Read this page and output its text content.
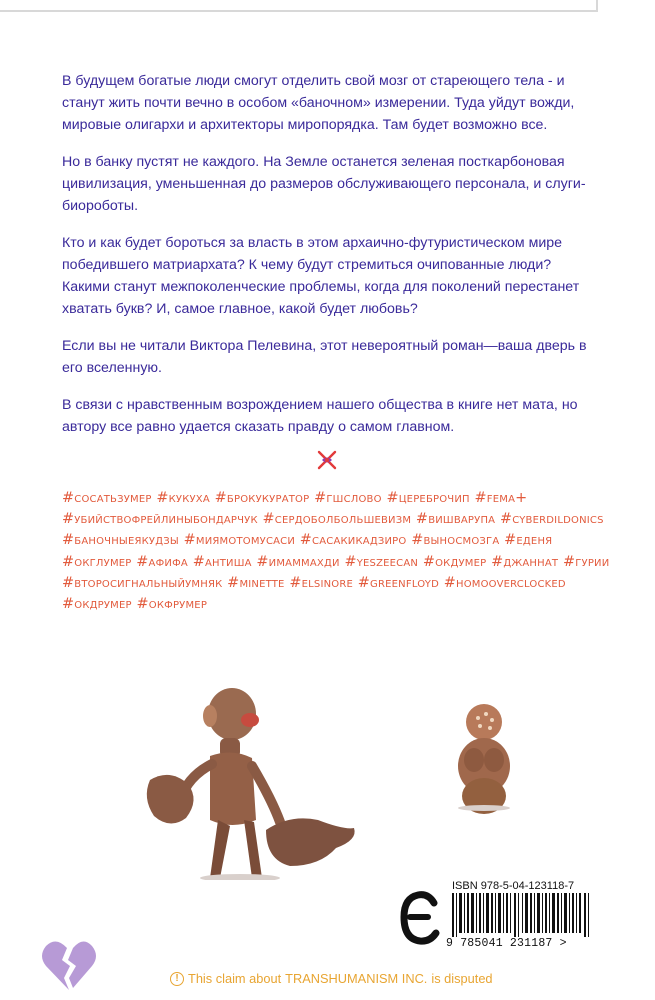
В будущем богатые люди смогут отделить свой мозг от стареющего тела - и станут жить почти вечно в особом «баночном» измерении. Туда уйдут вожди, мировые олигархи и архитекторы миропорядка. Там будет возможно все.

Но в банку пустят не каждого. На Земле останется зеленая посткарбоновая цивилизация, уменьшенная до размеров обслуживающего персонала, и слуги-биороботы.

Кто и как будет бороться за власть в этом архаично-футуристическом мире победившего матриархата? К чему будут стремиться очипованные люди? Какими станут межпоколенческие проблемы, когда для поколений перестанет хватать букв? И, самое главное, какой будет любовь?

Если вы не читали Виктора Пелевина, этот невероятный роман—ваша дверь в его вселенную.

В связи с нравственным возрождением нашего общества в книге нет мата, но автору все равно удается сказать правду о самом главном.

#сосатьзумер #кукуха #брокукуратор #гшслово #цереброчип #fema+ #убийствофрейлиныбондарчук #сердоболбольшевизм #вишварупа #cyberdildonics #баночныеякудзы #миямотомусаси #сасакикадзиро #выносмозга #еденя #окглумер #афифа #антиша #имаммахди #yeszeecan #окдумер #джаннат #гурии #второсигнальныйумняк #minette #elsinore #greenfloyd #homooverclocked #окдрумер #окфрумер
ISBN 978-5-04-123118-7
9 785041 231187 >
! This claim about TRANSHUMANISM INC. is disputed
